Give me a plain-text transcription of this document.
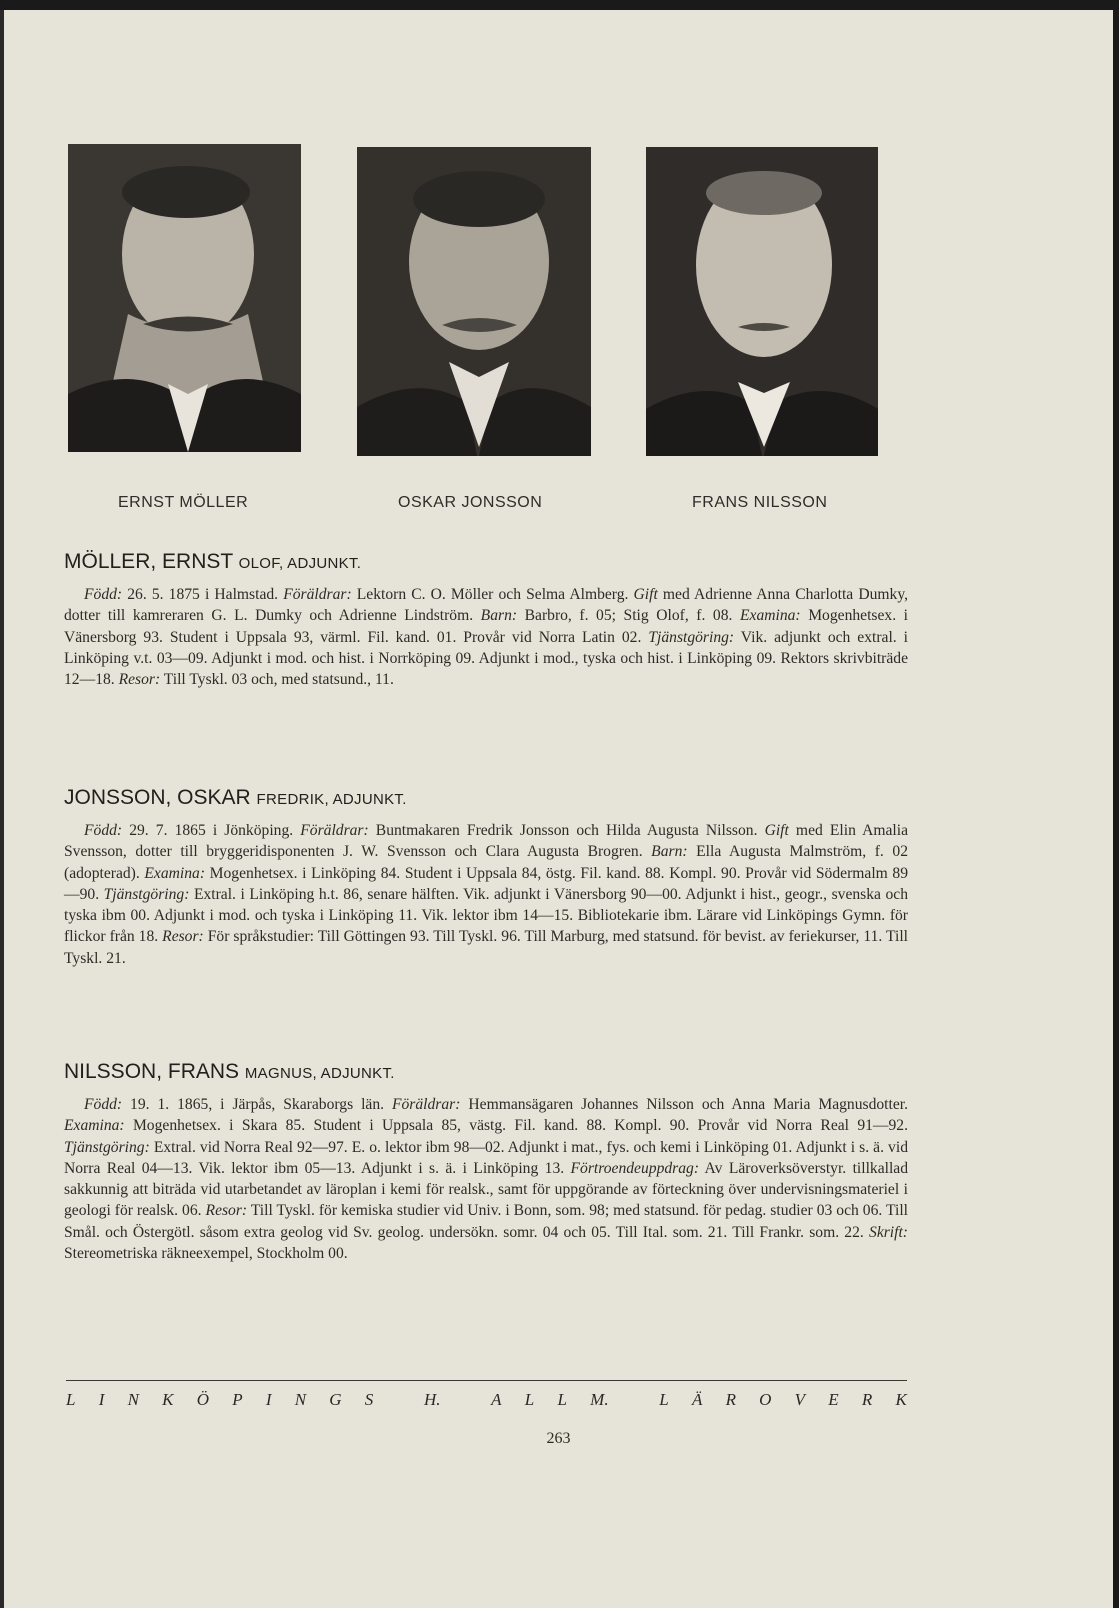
ERNST MÖLLER	OSKAR JONSSON	FRANS NILSSON
MÖLLER, ERNST OLOF, ADJUNKT.

Född: 26. 5. 1875 i Halmstad. Föräldrar: Lektorn C. O. Möller och Selma Almberg. Gift med Adrienne Anna Charlotta Dumky, dotter till kamreraren G. L. Dumky och Adrienne Lindström. Barn: Barbro, f. 05; Stig Olof, f. 08. Examina: Mogenhetsex. i Vänersborg 93. Student i Uppsala 93, värml. Fil. kand. 01. Provår vid Norra Latin 02. Tjänstgöring: Vik. adjunkt och extral. i Linköping v.t. 03—09. Adjunkt i mod. och hist. i Norrköping 09. Adjunkt i mod., tyska och hist. i Linköping 09. Rektors skrivbiträde 12—18. Resor: Till Tyskl. 03 och, med statsund., 11.

JONSSON, OSKAR FREDRIK, ADJUNKT.

Född: 29. 7. 1865 i Jönköping. Föräldrar: Buntmakaren Fredrik Jonsson och Hilda Augusta Nilsson. Gift med Elin Amalia Svensson, dotter till bryggeridisponenten J. W. Svensson och Clara Augusta Brogren. Barn: Ella Augusta Malmström, f. 02 (adopterad). Examina: Mogenhetsex. i Linköping 84. Student i Uppsala 84, östg. Fil. kand. 88. Kompl. 90. Provår vid Södermalm 89—90. Tjänstgöring: Extral. i Linköping h.t. 86, senare hälften. Vik. adjunkt i Vänersborg 90—00. Adjunkt i hist., geogr., svenska och tyska ibm 00. Adjunkt i mod. och tyska i Linköping 11. Vik. lektor ibm 14—15. Bibliotekarie ibm. Lärare vid Linköpings Gymn. för flickor från 18. Resor: För språkstudier: Till Göttingen 93. Till Tyskl. 96. Till Marburg, med statsund. för bevist. av feriekurser, 11. Till Tyskl. 21.

NILSSON, FRANS MAGNUS, ADJUNKT.

Född: 19. 1. 1865, i Järpås, Skaraborgs län. Föräldrar: Hemmansägaren Johannes Nilsson och Anna Maria Magnusdotter. Examina: Mogenhetsex. i Skara 85. Student i Uppsala 85, västg. Fil. kand. 88. Kompl. 90. Provår vid Norra Real 91—92. Tjänstgöring: Extral. vid Norra Real 92—97. E. o. lektor ibm 98—02. Adjunkt i mat., fys. och kemi i Linköping 01. Adjunkt i s. ä. vid Norra Real 04—13. Vik. lektor ibm 05—13. Adjunkt i s. ä. i Linköping 13. Förtroendeuppdrag: Av Läroverksöverstyr. tillkallad sakkunnig att biträda vid utarbetandet av läroplan i kemi för realsk., samt för uppgörande av förteckning över undervisningsmateriel i geologi för realsk. 06. Resor: Till Tyskl. för kemiska studier vid Univ. i Bonn, som. 98; med statsund. för pedag. studier 03 och 06. Till Smål. och Östergötl. såsom extra geolog vid Sv. geolog. undersökn. somr. 04 och 05. Till Ital. som. 21. Till Frankr. som. 22. Skrift: Stereometriska räkneexempel, Stockholm 00.

L I N K Ö P I N G S
	H.
	A L L M.
	L Ä R O V E R K
263
